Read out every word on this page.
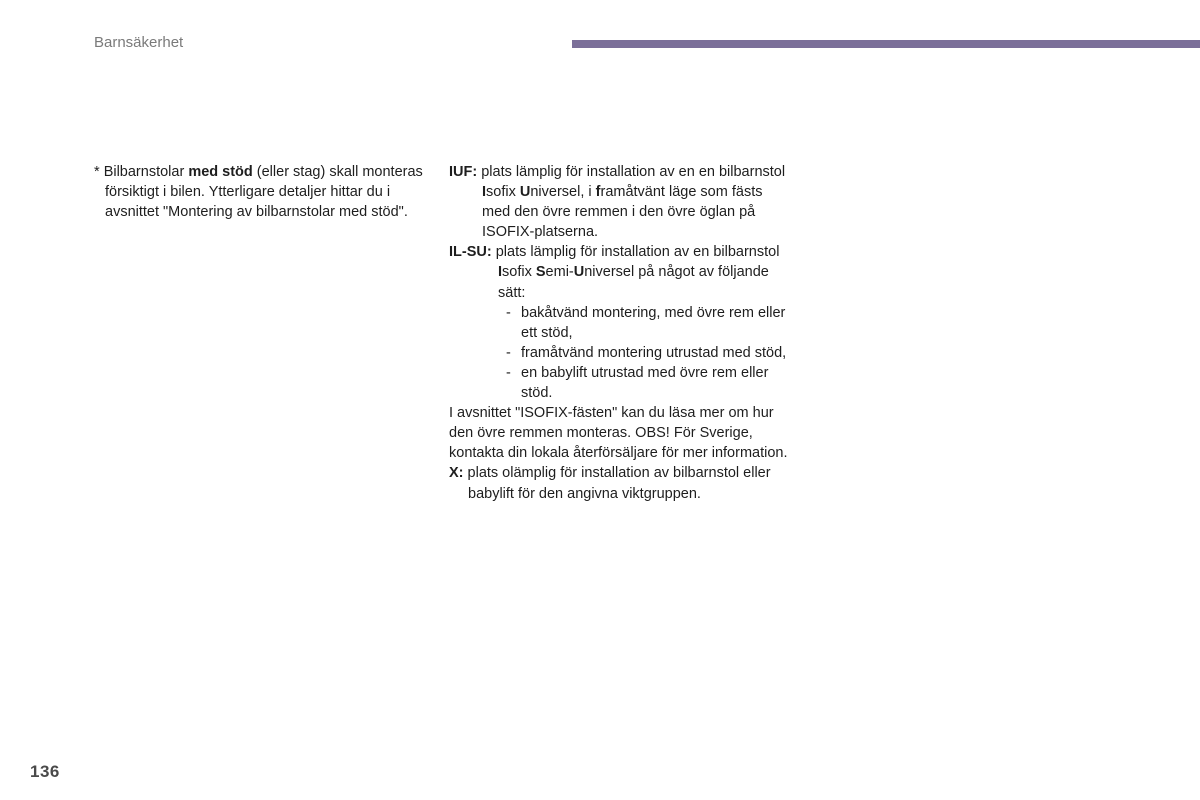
Barnsäkerhet

* Bilbarnstolar med stöd (eller stag) skall monteras försiktigt i bilen. Ytterligare detaljer hittar du i avsnittet "Montering av bilbarnstolar med stöd".

IUF: plats lämplig för installation av en en bilbarnstol Isofix Universel, i framåtvänt läge som fästs med den övre remmen i den övre öglan på ISOFIX-platserna.

IL-SU: plats lämplig för installation av en bilbarnstol Isofix Semi-Universel på något av följande sätt:

- bakåtvänd montering, med övre rem eller ett stöd,
- framåtvänd montering utrustad med stöd,
- en babylift utrustad med övre rem eller stöd.

I avsnittet "ISOFIX-fästen" kan du läsa mer om hur den övre remmen monteras. OBS! För Sverige, kontakta din lokala återförsäljare för mer information.

X: plats olämplig för installation av bilbarnstol eller babylift för den angivna viktgruppen.

136
